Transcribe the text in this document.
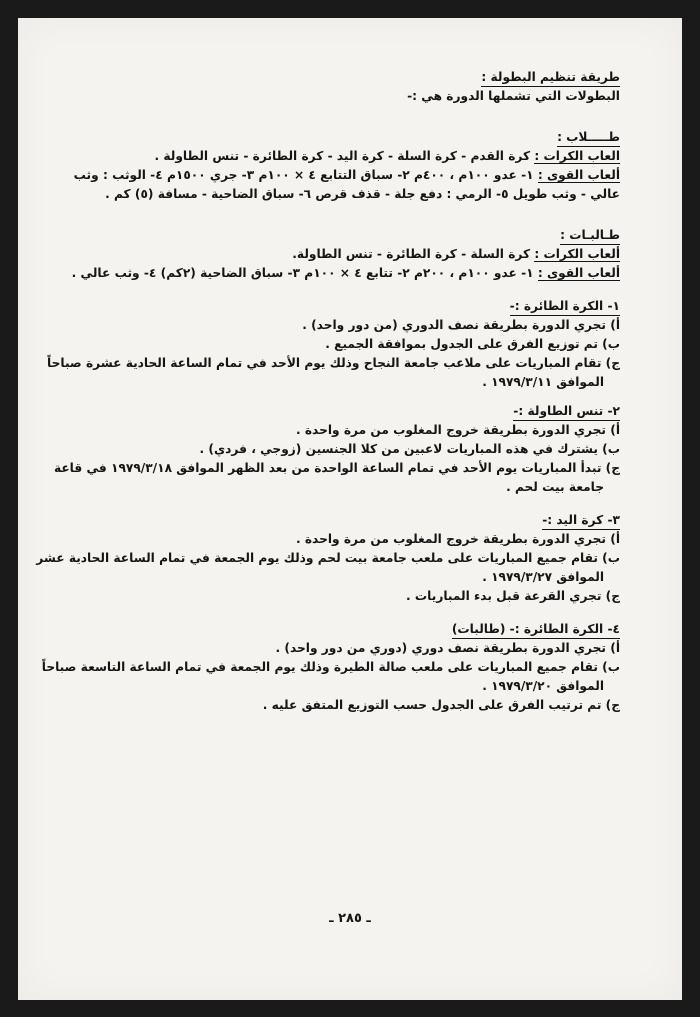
طريقة تنظيم البطولة :
البطولات التي تشملها الدورة هي :-
طـــــلاب :
العاب الكرات : كرة القدم - كرة السلة - كرة اليد - كرة الطائرة - تنس الطاولة .
ألعاب القوى : ١- عدو ١٠٠م ، ٤٠٠م ٢- سباق التتابع ٤ × ١٠٠م ٣- جري ١٥٠٠م ٤- الوثب : وثب
عالي - وثب طويل ٥- الرمي : دفع جلة - قذف قرص ٦- سباق الضاحية - مسافة (٥) كم .
طـالبـات :
ألعاب الكرات : كرة السلة - كرة الطائرة - تنس الطاولة.
ألعاب القوى : ١- عدو ١٠٠م ، ٢٠٠م ٢- تتابع ٤ × ١٠٠م ٣- سباق الضاحية (٢كم) ٤- وثب عالي .
١- الكرة الطائرة :-
أ) تجري الدورة بطريقة نصف الدوري (من دور واحد) .
ب) تم توزيع الفرق على الجدول بموافقة الجميع .
ج) تقام المباريات على ملاعب جامعة النجاح وذلك يوم الأحد في تمام الساعة الحادية عشرة صباحاً
الموافق ١٩٧٩/٣/١١ .
٢- تنس الطاولة :-
أ) تجري الدورة بطريقة خروج المغلوب من مرة واحدة .
ب) يشترك في هذه المباريات لاعبين من كلا الجنسين (زوجي ، فردي) .
ج) تبدأ المباريات يوم الأحد في تمام الساعة الواحدة من بعد الظهر الموافق ١٩٧٩/٣/١٨ في قاعة
جامعة بيت لحم .
٣- كرة اليد :-
أ) تجري الدورة بطريقة خروج المغلوب من مرة واحدة .
ب) تقام جميع المباريات على ملعب جامعة بيت لحم وذلك يوم الجمعة في تمام الساعة الحادية عشر
الموافق ١٩٧٩/٣/٢٧ .
ج) تجري القرعة قبل بدء المباريات .
٤- الكرة الطائرة :- (طالبات)
أ) تجري الدورة بطريقة نصف دوري (دوري من دور واحد) .
ب) تقام جميع المباريات على ملعب صالة الطيرة وذلك يوم الجمعة في تمام الساعة التاسعة صباحاً
الموافق ١٩٧٩/٣/٢٠ .
ج) تم ترتيب الفرق على الجدول حسب التوزيع المتفق عليه .
ـ ٢٨٥ ـ
